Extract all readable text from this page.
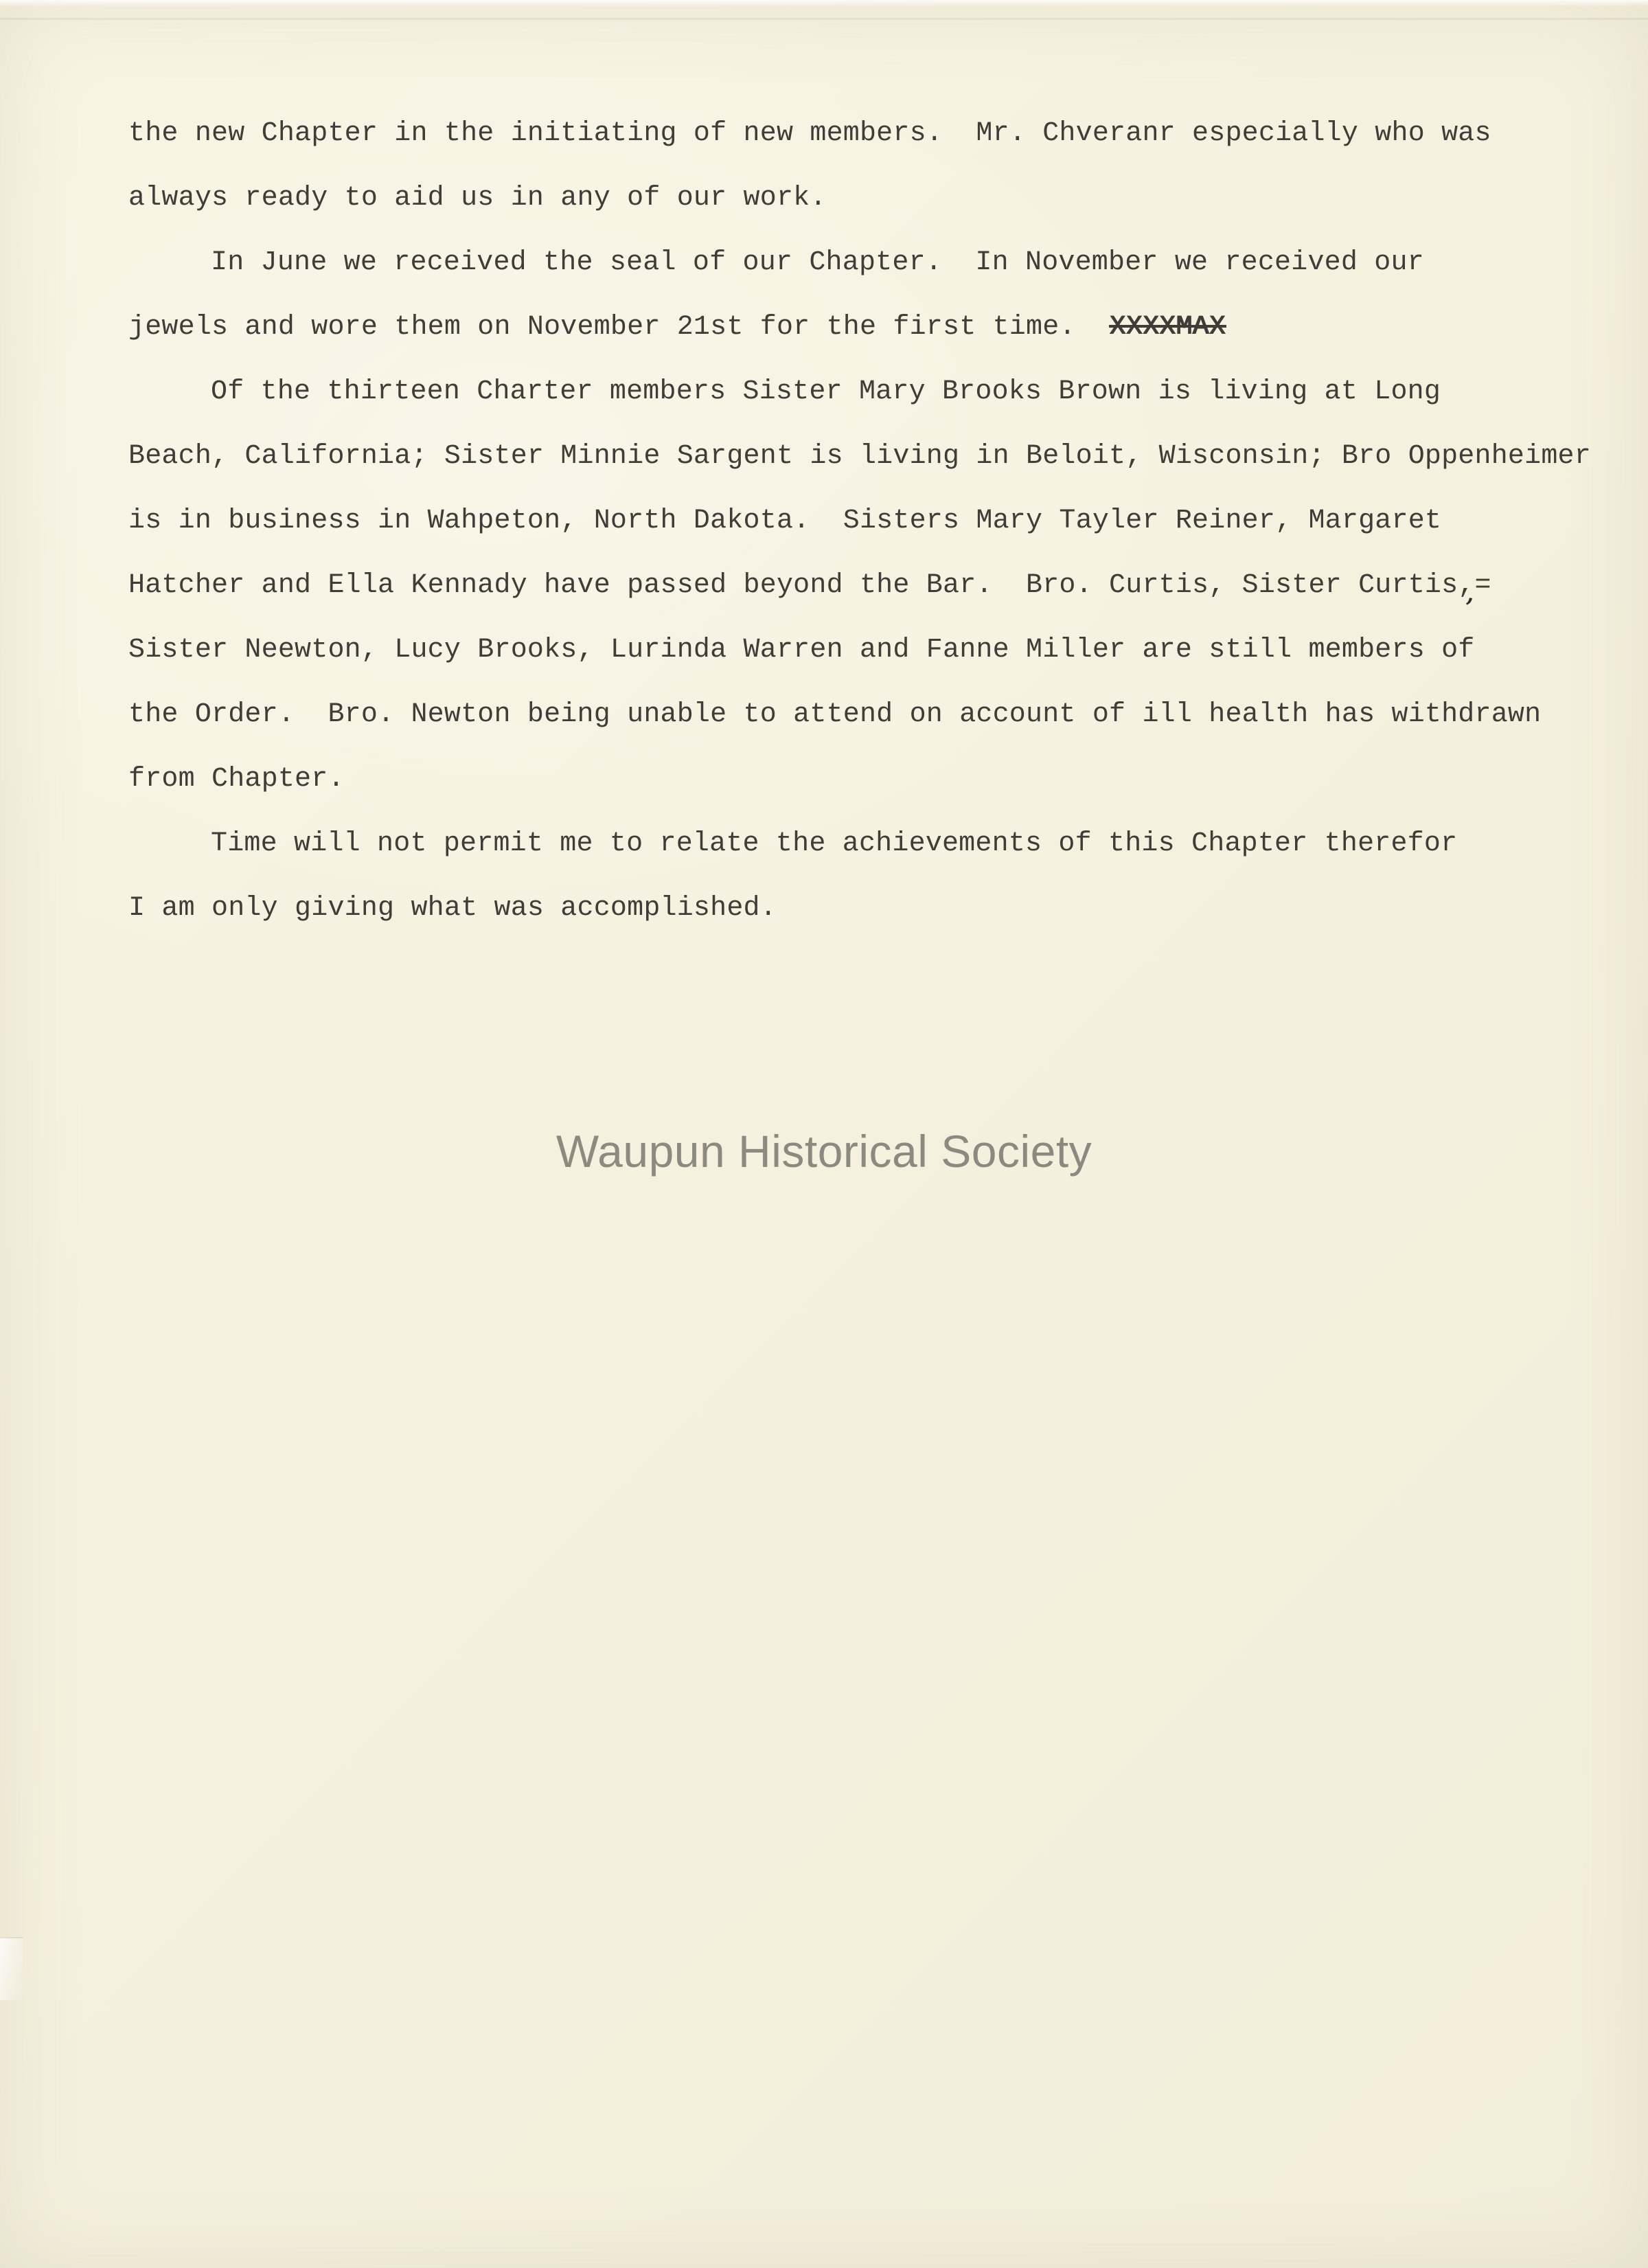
the new Chapter in the initiating of new members.  Mr. Chveranr especially who was
always ready to aid us in any of our work.
In June we received the seal of our Chapter.  In November we received our
jewels and wore them on November 21st for the first time.  XXXXMAX
Of the thirteen Charter members Sister Mary Brooks Brown is living at Long
Beach, California; Sister Minnie Sargent is living in Beloit, Wisconsin; Bro Oppenheimer
is in business in Wahpeton, North Dakota.  Sisters Mary Tayler Reiner, Margaret
Hatcher and Ella Kennady have passed beyond the Bar.  Bro. Curtis, Sister Curtis,=
Sister Neewton, Lucy Brooks, Lurinda Warren and Fanne Miller are still members of
the Order.  Bro. Newton being unable to attend on account of ill health has withdrawn
from Chapter.
Time will not permit me to relate the achievements of this Chapter therefor
I am only giving what was accomplished.
’
Waupun Historical Society
